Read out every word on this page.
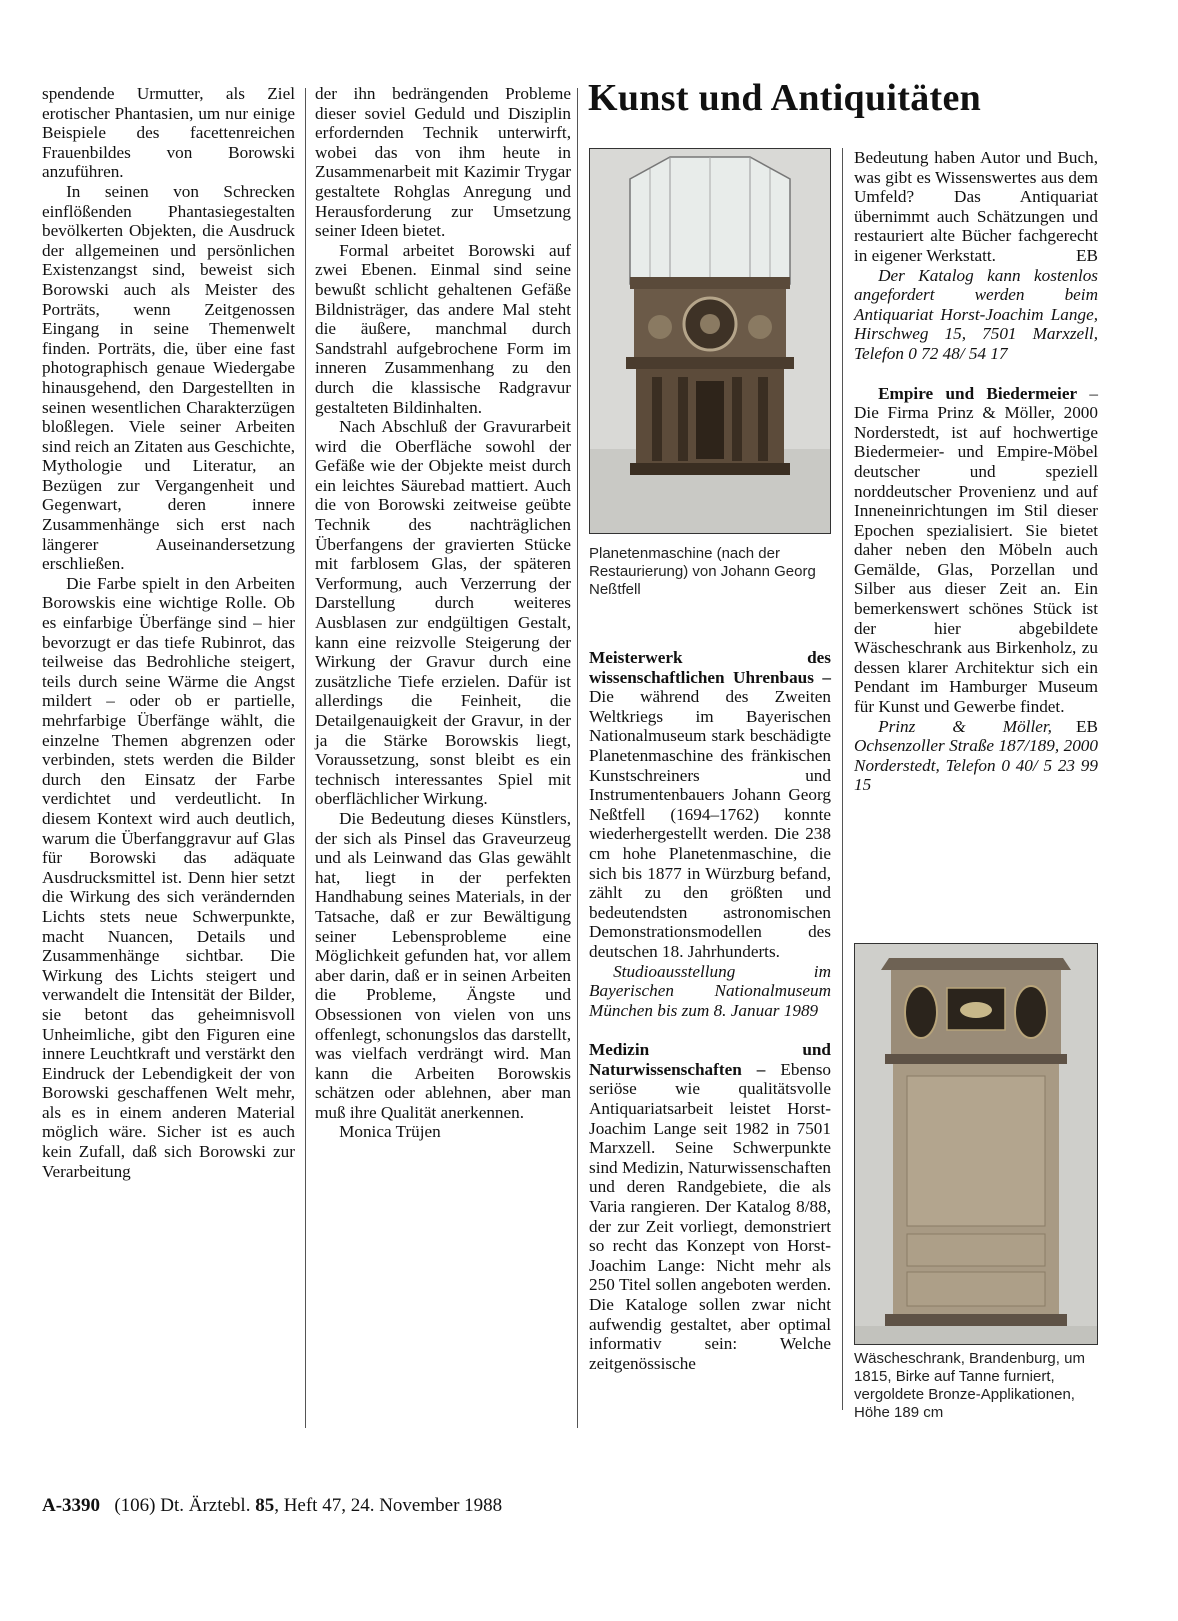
spendende Urmutter, als Ziel erotischer Phantasien, um nur einige Beispiele des facettenreichen Frauenbildes von Borowski anzuführen.

In seinen von Schrecken einflößenden Phantasiegestalten bevölkerten Objekten, die Ausdruck der allgemeinen und persönlichen Existenzangst sind, beweist sich Borowski auch als Meister des Porträts, wenn Zeitgenossen Eingang in seine Themenwelt finden. Porträts, die, über eine fast photographisch genaue Wiedergabe hinausgehend, den Dargestellten in seinen wesentlichen Charakterzügen bloßlegen. Viele seiner Arbeiten sind reich an Zitaten aus Geschichte, Mythologie und Literatur, an Bezügen zur Vergangenheit und Gegenwart, deren innere Zusammenhänge sich erst nach längerer Auseinandersetzung erschließen.

Die Farbe spielt in den Arbeiten Borowskis eine wichtige Rolle. Ob es einfarbige Überfänge sind – hier bevorzugt er das tiefe Rubinrot, das teilweise das Bedrohliche steigert, teils durch seine Wärme die Angst mildert – oder ob er partielle, mehrfarbige Überfänge wählt, die einzelne Themen abgrenzen oder verbinden, stets werden die Bilder durch den Einsatz der Farbe verdichtet und verdeutlicht. In diesem Kontext wird auch deutlich, warum die Überfanggravur auf Glas für Borowski das adäquate Ausdrucksmittel ist. Denn hier setzt die Wirkung des sich verändernden Lichts stets neue Schwerpunkte, macht Nuancen, Details und Zusammenhänge sichtbar. Die Wirkung des Lichts steigert und verwandelt die Intensität der Bilder, sie betont das geheimnisvoll Unheimliche, gibt den Figuren eine innere Leuchtkraft und verstärkt den Eindruck der Lebendigkeit der von Borowski geschaffenen Welt mehr, als es in einem anderen Material möglich wäre. Sicher ist es auch kein Zufall, daß sich Borowski zur Verarbeitung

der ihn bedrängenden Probleme dieser soviel Geduld und Disziplin erfordernden Technik unterwirft, wobei das von ihm heute in Zusammenarbeit mit Kazimir Trygar gestaltete Rohglas Anregung und Herausforderung zur Umsetzung seiner Ideen bietet.

Formal arbeitet Borowski auf zwei Ebenen. Einmal sind seine bewußt schlicht gehaltenen Gefäße Bildnisträger, das andere Mal steht die äußere, manchmal durch Sandstrahl aufgebrochene Form im inneren Zusammenhang zu den durch die klassische Radgravur gestalteten Bildinhalten.

Nach Abschluß der Gravurarbeit wird die Oberfläche sowohl der Gefäße wie der Objekte meist durch ein leichtes Säurebad mattiert. Auch die von Borowski zeitweise geübte Technik des nachträglichen Überfangens der gravierten Stücke mit farblosem Glas, der späteren Verformung, auch Verzerrung der Darstellung durch weiteres Ausblasen zur endgültigen Gestalt, kann eine reizvolle Steigerung der Wirkung der Gravur durch eine zusätzliche Tiefe erzielen. Dafür ist allerdings die Feinheit, die Detailgenauigkeit der Gravur, in der ja die Stärke Borowskis liegt, Voraussetzung, sonst bleibt es ein technisch interessantes Spiel mit oberflächlicher Wirkung.

Die Bedeutung dieses Künstlers, der sich als Pinsel das Graveurzeug und als Leinwand das Glas gewählt hat, liegt in der perfekten Handhabung seines Materials, in der Tatsache, daß er zur Bewältigung seiner Lebensprobleme eine Möglichkeit gefunden hat, vor allem aber darin, daß er in seinen Arbeiten die Probleme, Ängste und Obsessionen von vielen von uns offenlegt, schonungslos das darstellt, was vielfach verdrängt wird. Man kann die Arbeiten Borowskis schätzen oder ablehnen, aber man muß ihre Qualität anerkennen.

Monica Trüjen

Kunst und Antiquitäten
Planetenmaschine (nach der Restaurierung) von Johann Georg Neßtfell

Meisterwerk des wissenschaftlichen Uhrenbaus – Die während des Zweiten Weltkriegs im Bayerischen Nationalmuseum stark beschädigte Planetenmaschine des fränkischen Kunstschreiners und Instrumentenbauers Johann Georg Neßtfell (1694–1762) konnte wiederhergestellt werden. Die 238 cm hohe Planetenmaschine, die sich bis 1877 in Würzburg befand, zählt zu den größten und bedeutendsten astronomischen Demonstrationsmodellen des deutschen 18. Jahrhunderts.

Studioausstellung im Bayerischen Nationalmuseum München bis zum 8. Januar 1989

Medizin und Naturwissenschaften – Ebenso seriöse wie qualitätsvolle Antiquariatsarbeit leistet Horst-Joachim Lange seit 1982 in 7501 Marxzell. Seine Schwerpunkte sind Medizin, Naturwissenschaften und deren Randgebiete, die als Varia rangieren. Der Katalog 8/88, der zur Zeit vorliegt, demonstriert so recht das Konzept von Horst-Joachim Lange: Nicht mehr als 250 Titel sollen angeboten werden. Die Kataloge sollen zwar nicht aufwendig gestaltet, aber optimal informativ sein: Welche zeitgenössische

Bedeutung haben Autor und Buch, was gibt es Wissenswertes aus dem Umfeld? Das Antiquariat übernimmt auch Schätzungen und restauriert alte Bücher fachgerecht in eigener Werkstatt.	EB

Der Katalog kann kostenlos angefordert werden beim Antiquariat Horst-Joachim Lange, Hirschweg 15, 7501 Marxzell, Telefon 0 72 48/ 54 17

Empire und Biedermeier – Die Firma Prinz & Möller, 2000 Norderstedt, ist auf hochwertige Biedermeier- und Empire-Möbel deutscher und speziell norddeutscher Provenienz und auf Inneneinrichtungen im Stil dieser Epochen spezialisiert. Sie bietet daher neben den Möbeln auch Gemälde, Glas, Porzellan und Silber aus dieser Zeit an. Ein bemerkenswert schönes Stück ist der hier abgebildete Wäscheschrank aus Birkenholz, zu dessen klarer Architektur sich ein Pendant im Hamburger Museum für Kunst und Gewerbe findet.
EB

Prinz & Möller, Ochsenzoller Straße 187/189, 2000 Norderstedt, Telefon 0 40/ 5 23 99 15

Wäscheschrank, Brandenburg, um 1815, Birke auf Tanne furniert, vergoldete Bronze-Applikationen, Höhe 189 cm
A-3390 (106) Dt. Ärztebl. 85, Heft 47, 24. November 1988
